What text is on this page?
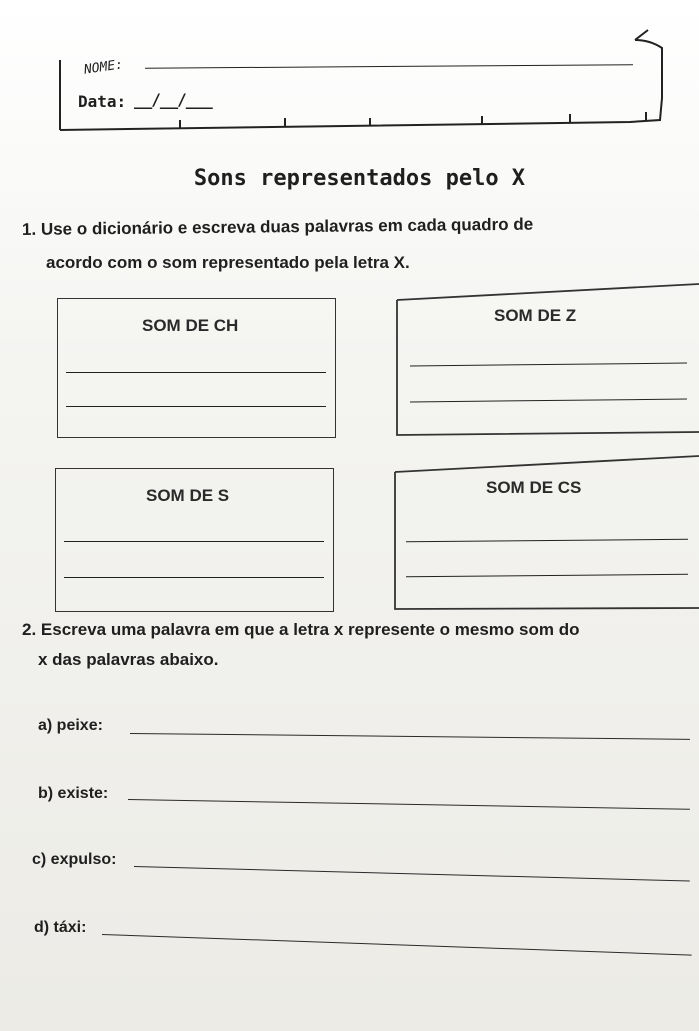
NOME:
Data: __/__/___
Sons representados pelo X
1. Use o dicionário e escreva duas palavras em cada quadro de
acordo com o som representado pela letra X.
SOM DE CH
SOM DE Z
SOM DE S	SOM DE CS
2. Escreva uma palavra em que a letra x represente o mesmo som do
x das palavras abaixo.
a) peixe:
b) existe:
c) expulso:
d) táxi:
